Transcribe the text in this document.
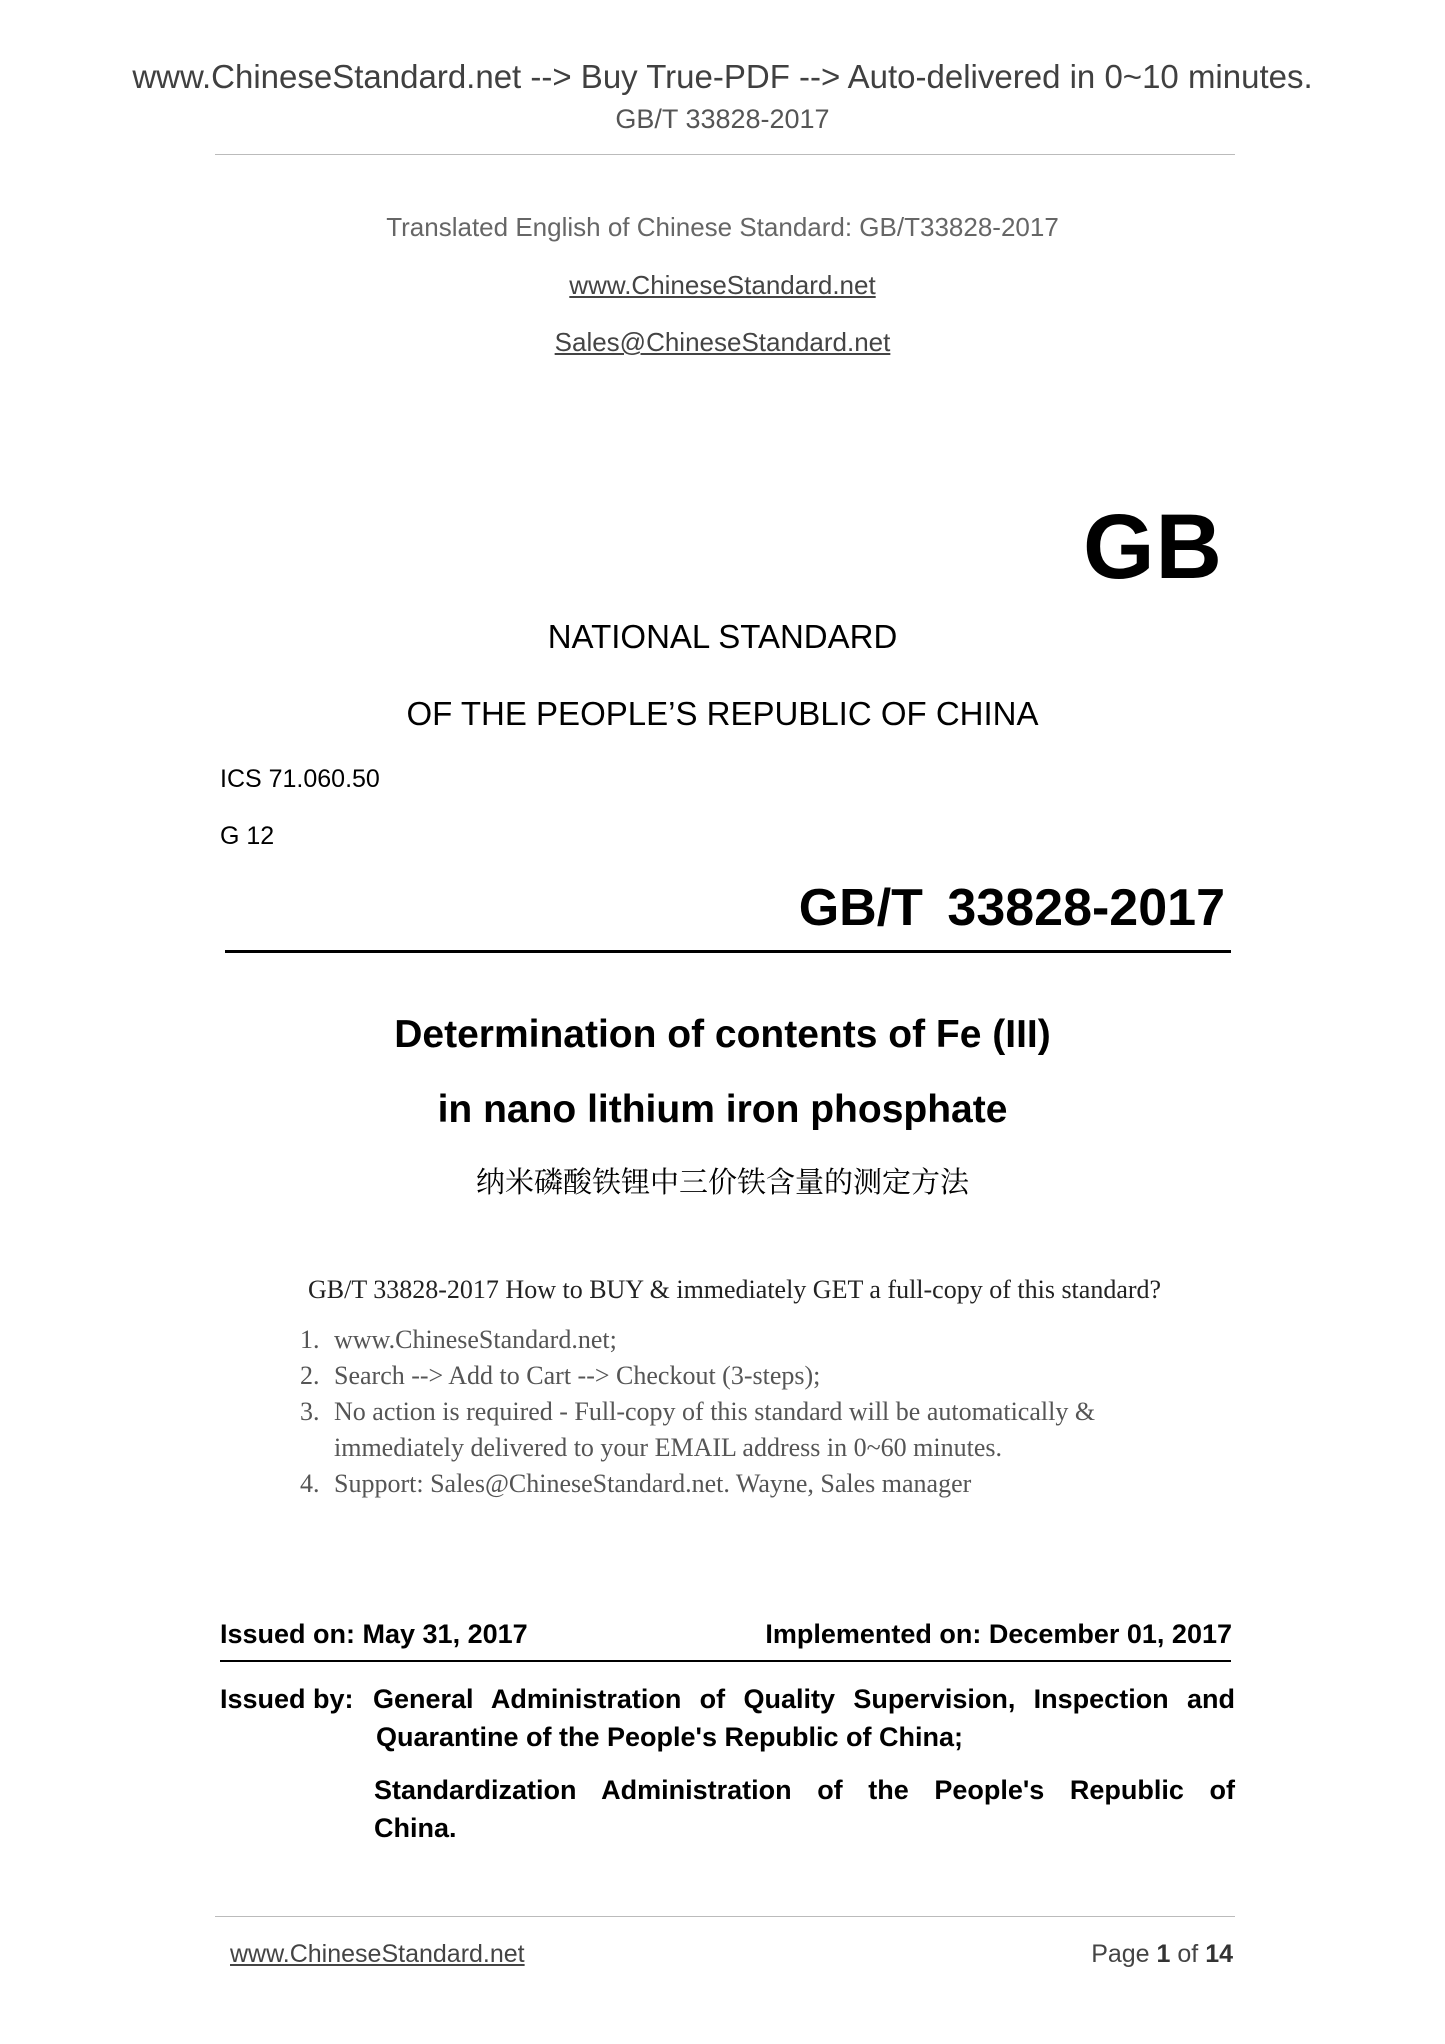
www.ChineseStandard.net --> Buy True-PDF --> Auto-delivered in 0~10 minutes.
GB/T 33828-2017
Translated English of Chinese Standard: GB/T33828-2017
www.ChineseStandard.net
Sales@ChineseStandard.net
GB
NATIONAL STANDARD
OF THE PEOPLE’S REPUBLIC OF CHINA
ICS 71.060.50
G 12
GB/T 33828-2017
Determination of contents of Fe (III)
in nano lithium iron phosphate
纳米磷酸铁锂中三价铁含量的测定方法
GB/T 33828-2017 How to BUY & immediately GET a full-copy of this standard?
1. www.ChineseStandard.net;
2. Search --> Add to Cart --> Checkout (3-steps);
3. No action is required - Full-copy of this standard will be automatically &
immediately delivered to your EMAIL address in 0~60 minutes.
4. Support: Sales@ChineseStandard.net. Wayne, Sales manager
Issued on: May 31, 2017	Implemented on: December 01, 2017
Issued by: General Administration of Quality Supervision, Inspection and
Quarantine of the People's Republic of China;
Standardization Administration of the People's Republic of
China.
www.ChineseStandard.net	Page 1 of 14
